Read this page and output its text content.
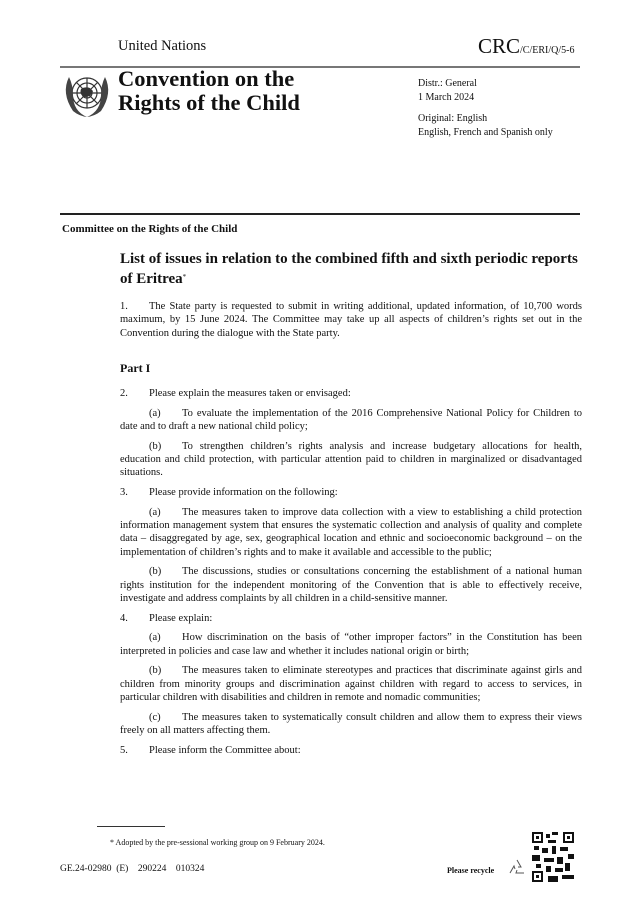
United Nations	CRC/C/ERI/Q/5-6
Convention on the
Rights of the Child

Distr.: General

1 March 2024

Original: English

English, French and Spanish only

Committee on the Rights of the Child
List of issues in relation to the combined fifth and sixth periodic reports of Eritrea*

1. The State party is requested to submit in writing additional, updated information, of 10,700 words maximum, by 15 June 2024. The Committee may take up all aspects of children’s rights set out in the Convention during the dialogue with the State party.

Part I

2. Please explain the measures taken or envisaged:

(a) To evaluate the implementation of the 2016 Comprehensive National Policy for Children to date and to draft a new national child policy;

(b) To strengthen children’s rights analysis and increase budgetary allocations for health, education and child protection, with particular attention paid to children in marginalized or disadvantaged situations.

3. Please provide information on the following:

(a) The measures taken to improve data collection with a view to establishing a child protection information management system that ensures the systematic collection and analysis of quality and complete data – disaggregated by age, sex, geographical location and ethnic and socioeconomic background – on the implementation of children’s rights and to make it available and accessible to the public;

(b) The discussions, studies or consultations concerning the establishment of a national human rights institution for the independent monitoring of the Convention that is able to effectively receive, investigate and address complaints by all children in a child-sensitive manner.

4. Please explain:

(a) How discrimination on the basis of “other improper factors” in the Constitution has been interpreted in policies and case law and whether it includes national origin or birth;

(b) The measures taken to eliminate stereotypes and practices that discriminate against girls and children from minority groups and discrimination against children with regard to access to services, in particular children with disabilities and children in remote and nomadic communities;

(c) The measures taken to systematically consult children and allow them to express their views freely on all matters affecting them.

5. Please inform the Committee about:

* Adopted by the pre-sessional working group on 9 February 2024.
GE.24-02980  (E)    290224    010324	Please recycle
